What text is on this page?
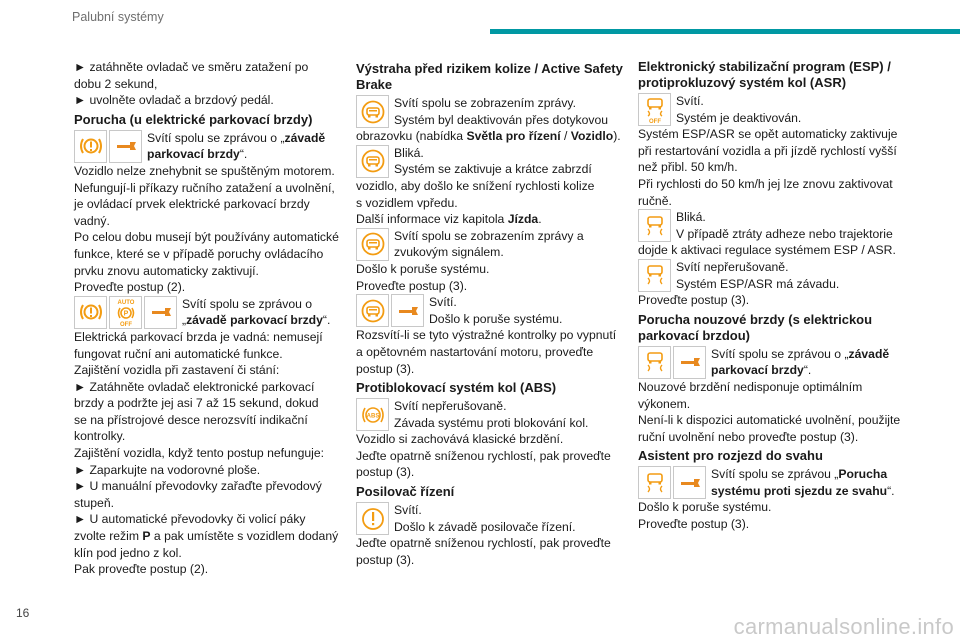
Palubní systémy

► zatáhněte ovladač ve směru zatažení po

dobu 2 sekund,

► uvolněte ovladač a brzdový pedál.

Porucha (u elektrické parkovací brzdy)
Svítí spolu se zprávou o „závadě
parkovací brzdy“.

Vozidlo nelze znehybnit se spuštěným motorem.

Nefungují-li příkazy ručního zatažení a uvolnění,

je ovládací prvek elektrické parkovací brzdy

vadný.

Po celou dobu musejí být používány automatické

funkce, které se v případě poruchy ovládacího

prvku znovu automaticky zaktivují.

Proveďte postup (2).

AUTO
P
OFF
Svítí spolu se zprávou o
„závadě parkovací brzdy“.

Elektrická parkovací brzda je vadná: nemusejí

fungovat ruční ani automatické funkce.

Zajištění vozidla při zastavení či stání:

► Zatáhněte ovladač elektronické parkovací

brzdy a podržte jej asi 7 až 15 sekund, dokud

se na přístrojové desce nerozsvítí indikační

kontrolky.

Zajištění vozidla, když tento postup nefunguje:

► Zaparkujte na vodorovné ploše.

► U manuální převodovky zařaďte převodový

stupeň.

► U automatické převodovky či volicí páky

zvolte režim P a pak umístěte s vozidlem dodaný

klín pod jedno z kol.

Pak proveďte postup (2).

Výstraha před rizikem kolize / Active Safety Brake
Svítí spolu se zobrazením zprávy.
Systém byl deaktivován přes dotykovou

obrazovku (nabídka Světla pro řízení / Vozidlo).

Bliká.
Systém se zaktivuje a krátce zabrzdí

vozidlo, aby došlo ke snížení rychlosti kolize

s vozidlem vpředu.

Další informace viz kapitola Jízda.

Svítí spolu se zobrazením zprávy a
zvukovým signálem.

Došlo k poruše systému.

Proveďte postup (3).

Svítí.
Došlo k poruše systému.

Rozsvítí-li se tyto výstražné kontrolky po vypnutí

a opětovném nastartování motoru, proveďte

postup (3).

Protiblokovací systém kol (ABS)
ABS
Svítí nepřerušovaně.
Závada systému proti blokování kol.

Vozidlo si zachovává klasické brzdění.

Jeďte opatrně sníženou rychlostí, pak proveďte

postup (3).

Posilovač řízení
Svítí.
Došlo k závadě posilovače řízení.

Jeďte opatrně sníženou rychlostí, pak proveďte

postup (3).

Elektronický stabilizační program (ESP) / protiprokluzový systém kol (ASR)
OFF
Svítí.
Systém je deaktivován.

Systém ESP/ASR se opět automaticky zaktivuje

při restartování vozidla a při jízdě rychlostí vyšší

než přibl. 50 km/h.

Při rychlosti do 50 km/h jej lze znovu zaktivovat

ručně.

Bliká.
V případě ztráty adheze nebo trajektorie

dojde k aktivaci regulace systémem ESP / ASR.

Svítí nepřerušovaně.
Systém ESP/ASR má závadu.

Proveďte postup (3).

Porucha nouzové brzdy (s elektrickou parkovací brzdou)
Svítí spolu se zprávou o „závadě
parkovací brzdy“.

Nouzové brzdění nedisponuje optimálním

výkonem.

Není-li k dispozici automatické uvolnění, použijte

ruční uvolnění nebo proveďte postup (3).

Asistent pro rozjezd do svahu
Svítí spolu se zprávou „Porucha
systému proti sjezdu ze svahu“.

Došlo k poruše systému.

Proveďte postup (3).

16
carmanualsonline.info
